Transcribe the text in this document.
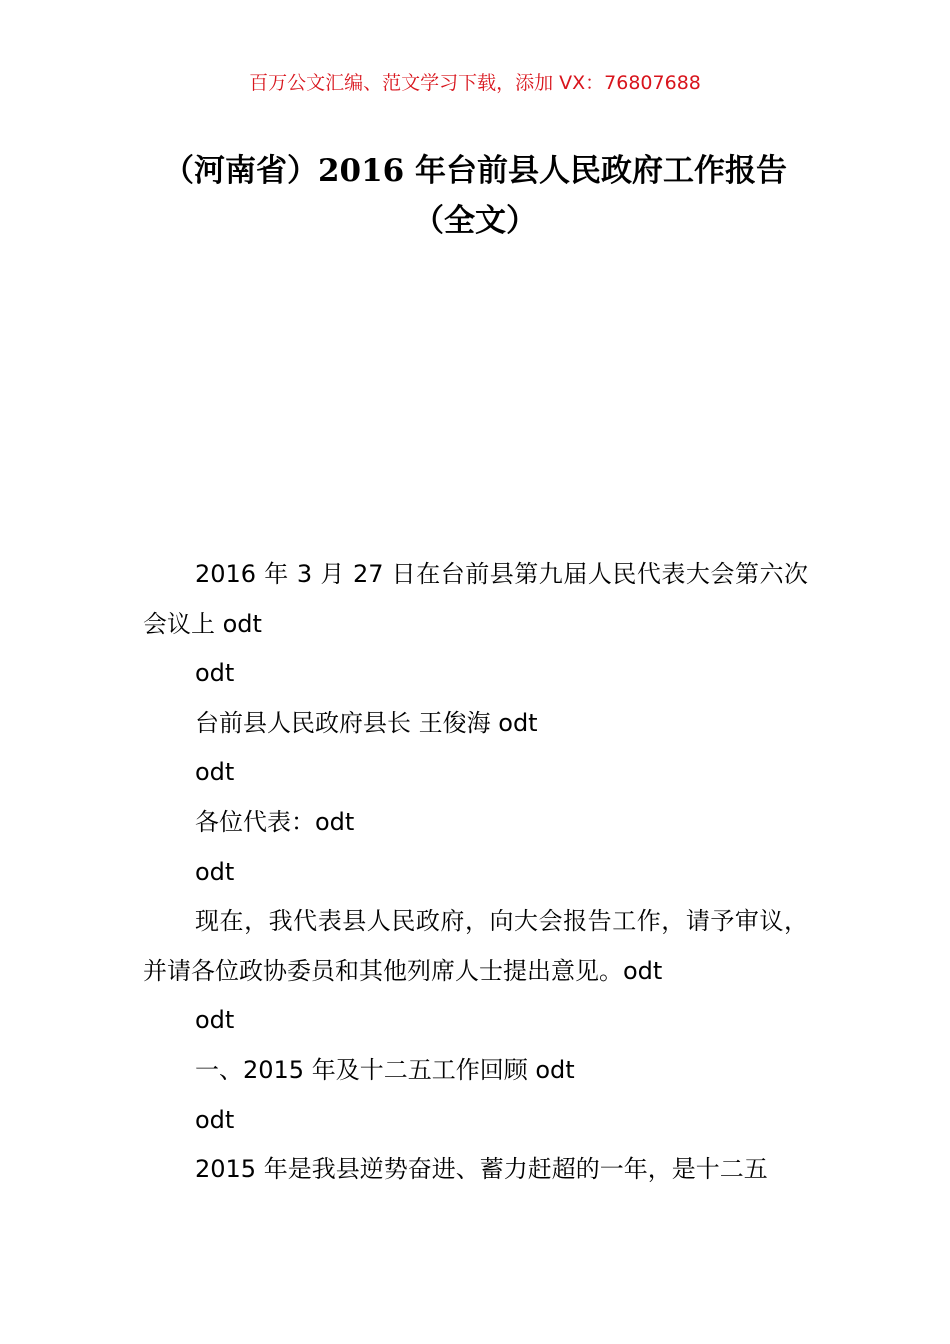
百万公文汇编、范文学习下载，添加 VX：76807688
（河南省）2016 年台前县人民政府工作报告（全文）

2016 年 3 月 27 日在台前县第九届人民代表大会第六次会议上 odt

odt

台前县人民政府县长 王俊海 odt

odt

各位代表：odt

odt

现在，我代表县人民政府，向大会报告工作，请予审议，并请各位政协委员和其他列席人士提出意见。odt

odt

一、2015 年及十二五工作回顾 odt

odt

2015 年是我县逆势奋进、蓄力赶超的一年，是十二五
